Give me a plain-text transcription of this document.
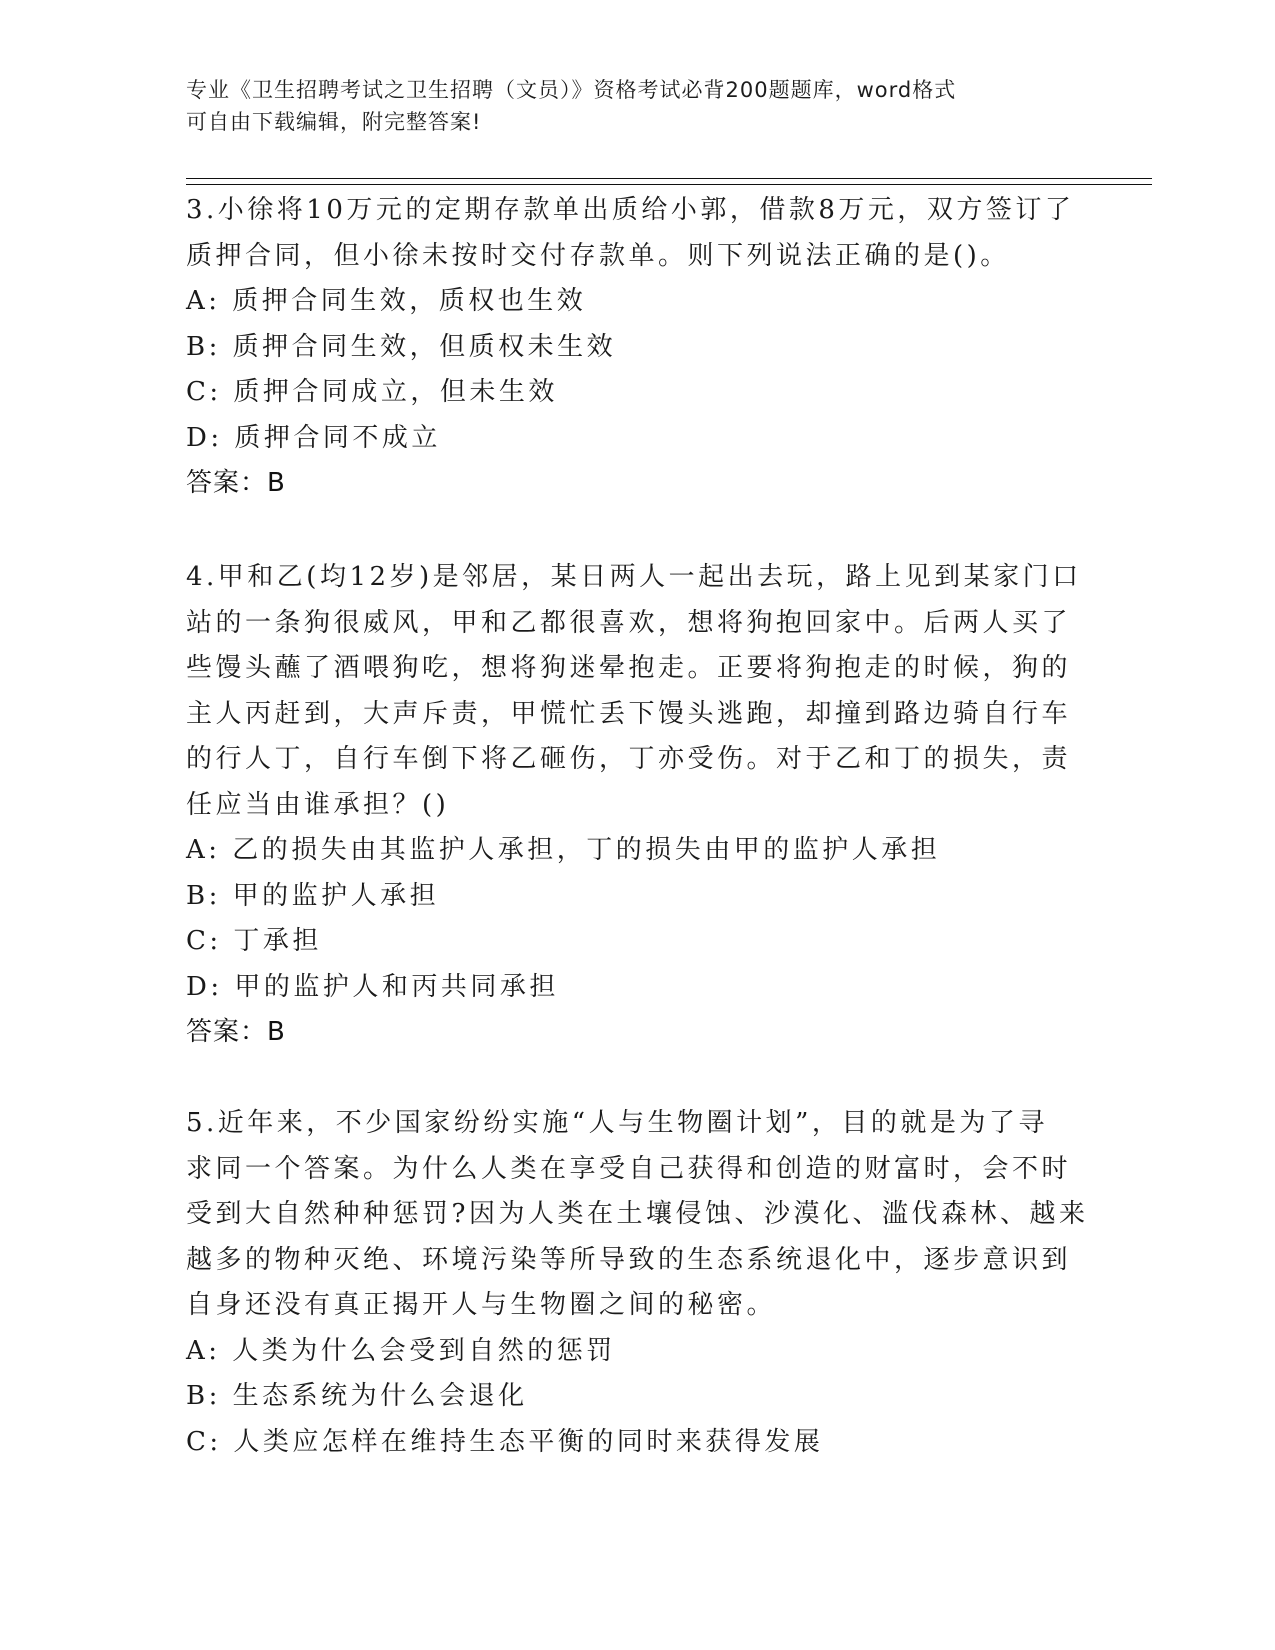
专业《卫生招聘考试之卫生招聘（文员）》资格考试必背200题题库，word格式
可自由下载编辑，附完整答案!
3.小徐将10万元的定期存款单出质给小郭，借款8万元，双方签订了
质押合同，但小徐未按时交付存款单。则下列说法正确的是()。
A: 质押合同生效，质权也生效
B: 质押合同生效，但质权未生效
C: 质押合同成立，但未生效
D: 质押合同不成立
答案：B
4.甲和乙(均12岁)是邻居，某日两人一起出去玩，路上见到某家门口
站的一条狗很威风，甲和乙都很喜欢，想将狗抱回家中。后两人买了
些馒头蘸了酒喂狗吃，想将狗迷晕抱走。正要将狗抱走的时候，狗的
主人丙赶到，大声斥责，甲慌忙丢下馒头逃跑，却撞到路边骑自行车
的行人丁，自行车倒下将乙砸伤，丁亦受伤。对于乙和丁的损失，责
任应当由谁承担？()
A: 乙的损失由其监护人承担，丁的损失由甲的监护人承担
B: 甲的监护人承担
C: 丁承担
D: 甲的监护人和丙共同承担
答案：B
5.近年来，不少国家纷纷实施“人与生物圈计划”，目的就是为了寻
求同一个答案。为什么人类在享受自己获得和创造的财富时，会不时
受到大自然种种惩罚?因为人类在土壤侵蚀、沙漠化、滥伐森林、越来
越多的物种灭绝、环境污染等所导致的生态系统退化中，逐步意识到
自身还没有真正揭开人与生物圈之间的秘密。
A: 人类为什么会受到自然的惩罚
B: 生态系统为什么会退化
C: 人类应怎样在维持生态平衡的同时来获得发展
